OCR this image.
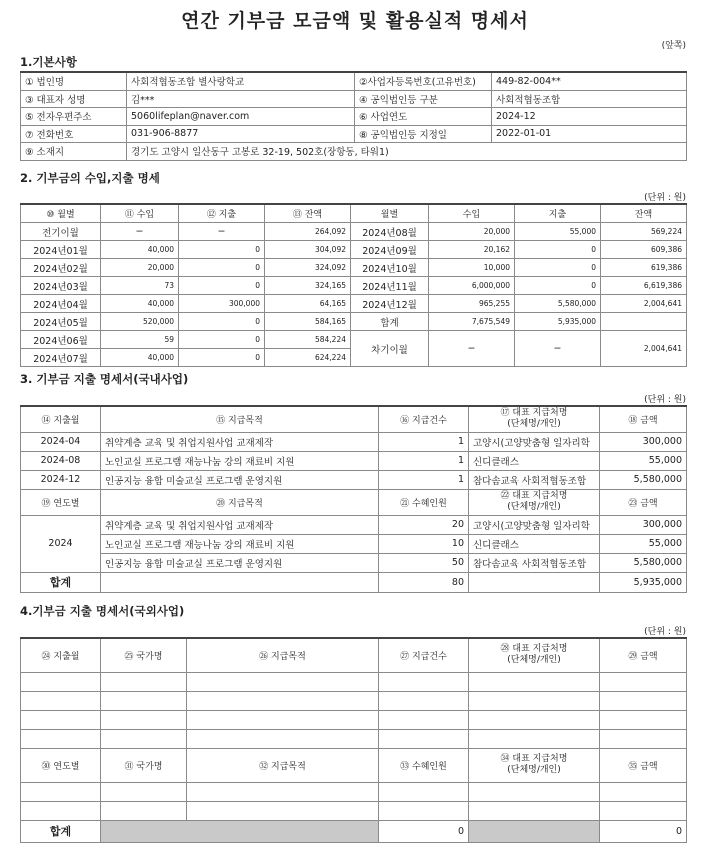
연간 기부금 모금액 및 활용실적 명세서
(앞쪽)
1.기본사항
① 법인명	사회적협동조합 별사랑학교	②사업자등록번호(고유번호)	449-82-004**
③ 대표자 성명	김***	④ 공익법인등 구분	사회적협동조합
⑤ 전자우편주소	5060lifeplan@naver.com	⑥ 사업연도	2024-12
⑦ 전화번호	031-906-8877	⑧ 공익법인등 지정일	2022-01-01
⑨ 소재지	경기도 고양시 일산동구 고봉로 32-19, 502호(장항동, 타워1)		
2. 기부금의 수입,지출 명세
(단위 : 원)
⑩ 월별	⑪ 수입	⑫ 지출	⑬ 잔액	월별	수입	지출	잔액
전기이월	−	−	264,092	2024년08월	20,000	55,000	569,224
2024년01월	40,000	0	304,092	2024년09월	20,162	0	609,386
2024년02월	20,000	0	324,092	2024년10월	10,000	0	619,386
2024년03월	73	0	324,165	2024년11월	6,000,000	0	6,619,386
2024년04월	40,000	300,000	64,165	2024년12월	965,255	5,580,000	2,004,641
2024년05월	520,000	0	584,165	합계	7,675,549	5,935,000	
2024년06월	59	0	584,224	차기이월	−	−	2,004,641
2024년07월	40,000	0	624,224				
3. 기부금 지출 명세서(국내사업)
(단위 : 원)
⑭ 지출월	⑮ 지급목적	⑯ 지급건수	⑰ 대표 지급처명
(단체명/개인)	⑱ 금액
2024-04	취약계층 교육 및 취업지원사업 교재제작	1	고양시(고양맞춤형 일자리학	300,000
2024-08	노인교실 프로그램 재능나눔 강의 재료비 지원	1	신디클래스	55,000
2024-12	인공지능 융합 미술교실 프로그램 운영지원	1	참다솜교육 사회적협동조합	5,580,000
⑲ 연도별	⑳ 지급목적	㉑ 수혜인원	㉒ 대표 지급처명
(단체명/개인)	㉓ 금액
2024	취약계층 교육 및 취업지원사업 교재제작	20	고양시(고양맞춤형 일자리학	300,000
	노인교실 프로그램 재능나눔 강의 재료비 지원	10	신디클래스	55,000
	인공지능 융합 미술교실 프로그램 운영지원	50	참다솜교육 사회적협동조합	5,580,000
합계		80		5,935,000
4.기부금 지출 명세서(국외사업)
(단위 : 원)
㉔ 지출월	㉕ 국가명	㉖ 지급목적	㉗ 지급건수	㉘ 대표 지급처명
(단체명/개인)	㉙ 금액

㉚ 연도별	㉛ 국가명	㉜ 지급목적	㉝ 수혜인원	㉞ 대표 지급처명
(단체명/개인)	㉟ 금액

합계			0		0
